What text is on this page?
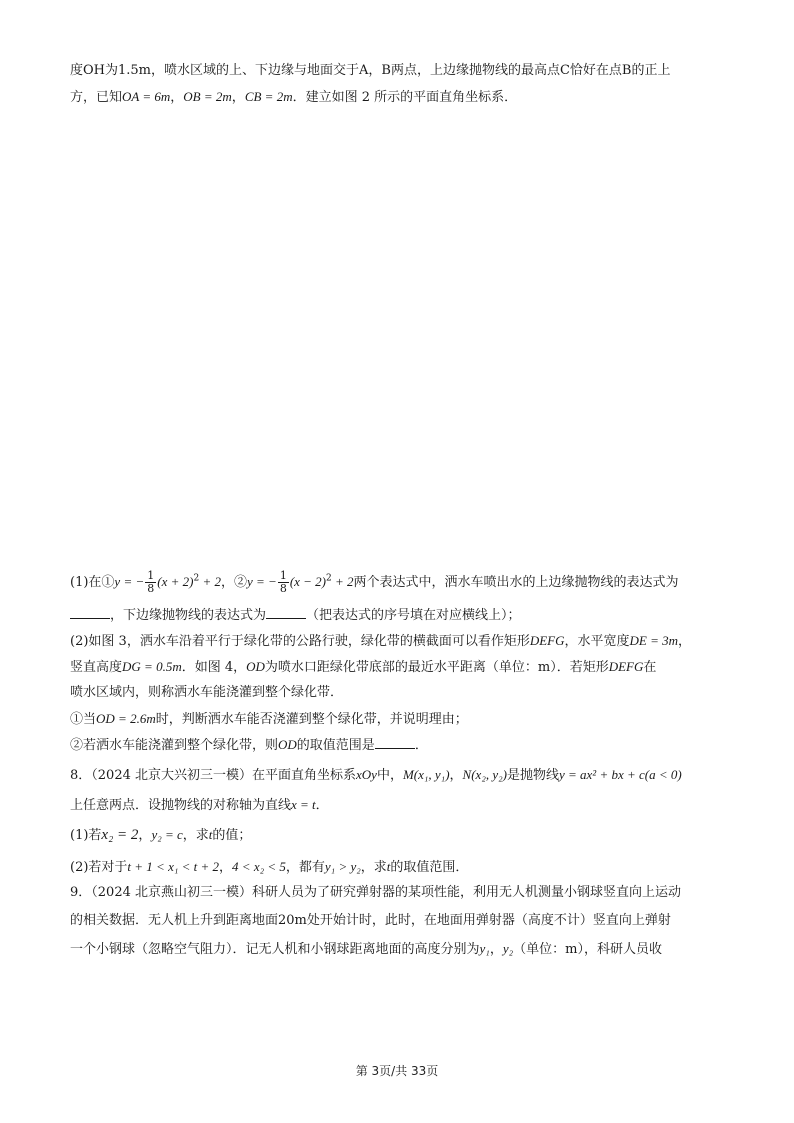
度OH为1.5m，喷水区域的上、下边缘与地面交于A，B两点，上边缘抛物线的最高点C恰好在点B的正上
方，已知OA = 6m，OB = 2m，CB = 2m．建立如图 2 所示的平面直角坐标系．
(1)在①y = − $\frac{1}{8} (x + 2)^2 + 2$，②y = − $\frac{1}{8} (x - 2)^2 + 2$两个表达式中，洒水车喷出水的上边缘抛物线的表达式为
，下边缘抛物线的表达式为	（把表达式的序号填在对应横线上）；
(2)如图 3，洒水车沿着平行于绿化带的公路行驶，绿化带的横截面可以看作矩形DEFG，水平宽度DE = 3m，
竖直高度DG = 0.5m．如图 4，OD为喷水口距绿化带底部的最近水平距离（单位：m）．若矩形DEFG在
喷水区域内，则称洒水车能浇灌到整个绿化带．
①当OD = 2.6m时，判断洒水车能否浇灌到整个绿化带，并说明理由；
②若洒水车能浇灌到整个绿化带，则OD的取值范围是	．
8．（2024 北京大兴初三一模）在平面直角坐标系xOy中，M(x₁, y₁)，N(x₂, y₂)是抛物线y = ax² + bx + c(a < 0)
上任意两点．设抛物线的对称轴为直线x = t．
(1)若x₂ = 2，y₂ = c，求t的值；
(2)若对于t + 1 < x₁ < t + 2，4 < x₂ < 5，都有y₁ > y₂，求t的取值范围．
9．（2024 北京燕山初三一模）科研人员为了研究弹射器的某项性能，利用无人机测量小钢球竖直向上运动
的相关数据．无人机上升到距离地面20m处开始计时，此时，在地面用弹射器（高度不计）竖直向上弹射
一个小钢球（忽略空气阻力）．记无人机和小钢球距离地面的高度分别为y₁，y₂（单位：m），科研人员收
第 3页/共 33页
